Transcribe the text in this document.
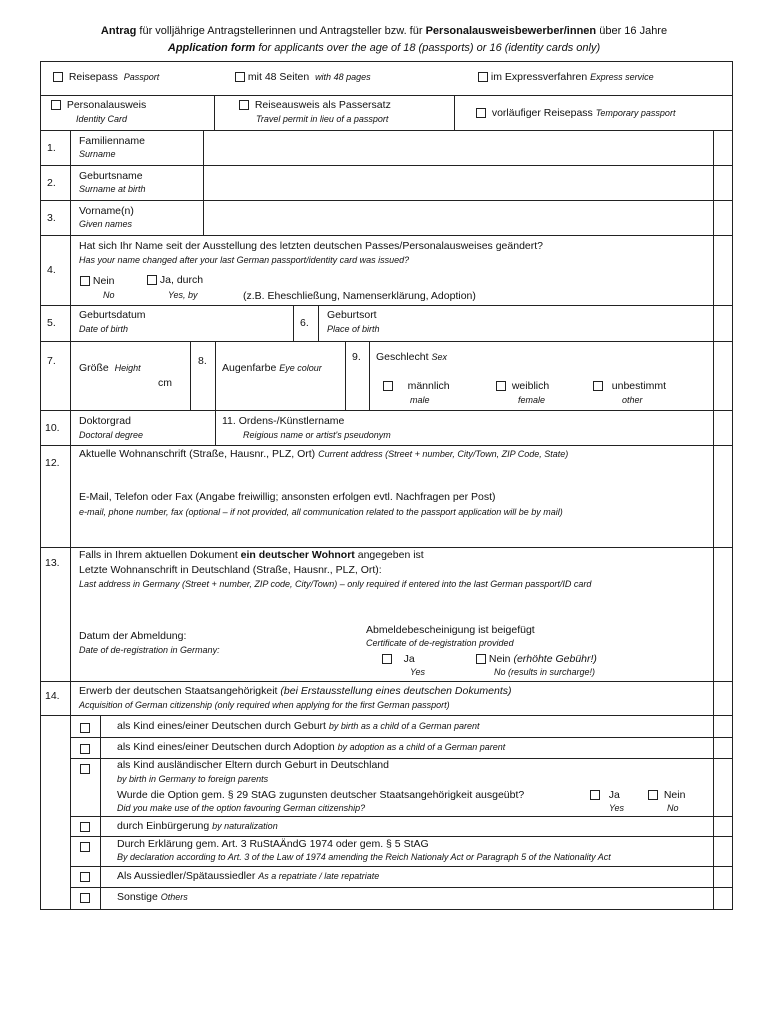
Antrag für volljährige Antragstellerinnen und Antragsteller bzw. für Personalausweisbewerber/innen über 16 Jahre
Application form for applicants over the age of 18 (passports) or 16 (identity cards only)
Reisepass Passport	mit 48 Seiten with 48 pages	im Expressverfahren Express service
Personalausweis
Identity Card
Reiseausweis als Passersatz
Travel permit in lieu of a passport	vorläufiger Reisepass Temporary passport
1.
Familienname
Surname
2.
Geburtsname
Surname at birth
3.
Vorname(n)
Given names
4.
Hat sich Ihr Name seit der Ausstellung des letzten deutschen Passes/Personalausweises geändert?
Has your name changed after your last German passport/identity card was issued?
Nein
No
Ja, durch
Yes, by	(z.B. Eheschließung, Namenserklärung, Adoption)
5.
Geburtsdatum
Date of birth	6.
Geburtsort
Place of birth
7.
Größe Height
cm
8.
Augenfarbe Eye colour
9. Geschlecht Sex
männlich
male
weiblich
female
unbestimmt
other
10.
Doktorgrad
Doctoral degree
11. Ordens-/Künstlername
Reigious name or artist's pseudonym
12.
Aktuelle Wohnanschrift (Straße, Hausnr., PLZ, Ort) Current address (Street + number, City/Town, ZIP Code, State)
E-Mail, Telefon oder Fax (Angabe freiwillig; ansonsten erfolgen evtl. Nachfragen per Post)
e-mail, phone number, fax (optional – if not provided, all communication related to the passport application will be by mail)
13.
Falls in Ihrem aktuellen Dokument ein deutscher Wohnort angegeben ist
Letzte Wohnanschrift in Deutschland (Straße, Hausnr., PLZ, Ort):
Last address in Germany (Street + number, ZIP code, City/Town) – only required if entered into the last German passport/ID card
Datum der Abmeldung:
Date of de-registration in Germany:
Abmeldebescheinigung ist beigefügt
Certificate of de-registration provided
Ja
Yes
Nein (erhöhte Gebühr!)
No (results in surcharge!)
14. Erwerb der deutschen Staatsangehörigkeit (bei Erstausstellung eines deutschen Dokuments)
Acquisition of German citizenship (only required when applying for the first German passport)
als Kind eines/einer Deutschen durch Geburt by birth as a child of a German parent
als Kind eines/einer Deutschen durch Adoption by adoption as a child of a German parent
als Kind ausländischer Eltern durch Geburt in Deutschland
by birth in Germany to foreign parents
Wurde die Option gem. § 29 StAG zugunsten deutscher Staatsangehörigkeit ausgeübt?
Did you make use of the option favouring German citizenship?
Ja
Yes
Nein
No
durch Einbürgerung by naturalization
Durch Erklärung gem. Art. 3 RuStAÄndG 1974 oder gem. § 5 StAG
By declaration according to Art. 3 of the Law of 1974 amending the Reich Nationaly Act or Paragraph 5 of the Nationality Act
Als Aussiedler/Spätaussiedler As a repatriate / late repatriate
Sonstige Others
